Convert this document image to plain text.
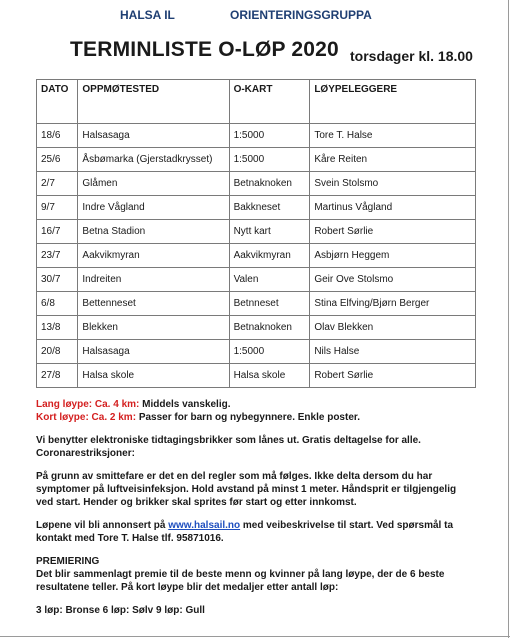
HALSA IL	ORIENTERINGSGRUPPA
TERMINLISTE O-LØP 2020 torsdager kl. 18.00
DATO	OPPMØTESTED	O-KART	LØYPELEGGERE
18/6	Halsasaga	1:5000	Tore T. Halse
25/6	Åsbømarka (Gjerstadkrysset)	1:5000	Kåre Reiten
2/7	Glåmen	Betnaknoken	Svein Stolsmo
9/7	Indre Vågland	Bakkneset	Martinus Vågland
16/7	Betna Stadion	Nytt kart	Robert Sørlie
23/7	Aakvikmyran	Aakvikmyran	Asbjørn Heggem
30/7	Indreiten	Valen	Geir Ove Stolsmo
6/8	Bettenneset	Betnneset	Stina Elfving/Bjørn Berger
13/8	Blekken	Betnaknoken	Olav Blekken
20/8	Halsasaga	1:5000	Nils Halse
27/8	Halsa skole	Halsa skole	Robert Sørlie

Lang løype: Ca. 4 km: Middels vanskelig.

Kort løype: Ca. 2 km: Passer for barn og nybegynnere. Enkle poster.

Vi benytter elektroniske tidtagingsbrikker som lånes ut. Gratis deltagelse for alle.

Coronarestriksjoner:

På grunn av smittefare er det en del regler som må følges. Ikke delta dersom du har symptomer på luftveisinfeksjon. Hold avstand på minst 1 meter. Håndsprit er tilgjengelig ved start. Hender og brikker skal sprites før start og etter innkomst.

Løpene vil bli annonsert på www.halsail.no med veibeskrivelse til start. Ved spørsmål ta kontakt med Tore T. Halse tlf. 95871016.

PREMIERING

Det blir sammenlagt premie til de beste menn og kvinner på lang løype, der de 6 beste resultatene teller. På kort løype blir det medaljer etter antall løp:

3 løp: Bronse 6 løp: Sølv 9 løp: Gull
